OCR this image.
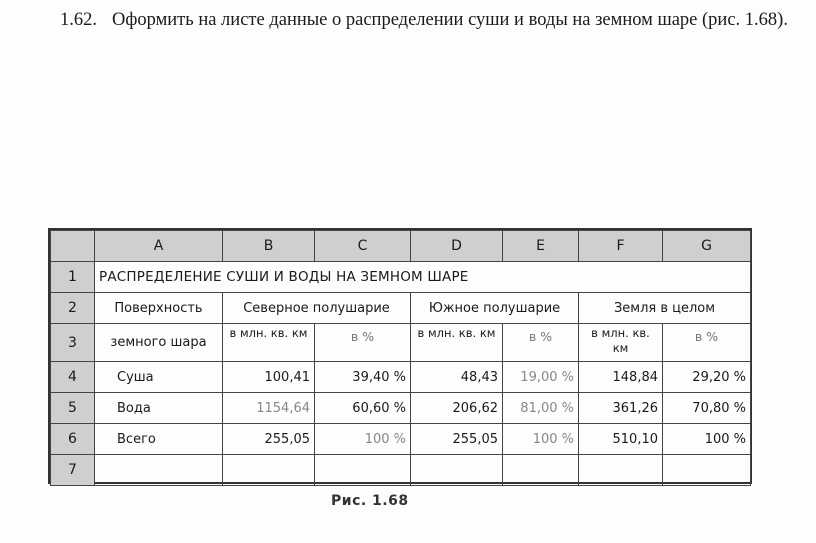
1.62. Оформить на листе данные о распределении суши и воды на земном шаре (рис. 1.68).
	A	B	C	D	E	F	G
1	РАСПРЕДЕЛЕНИЕ СУШИ И ВОДЫ НА ЗЕМНОМ ШАРЕ						
2	Поверхность	Северное полушарие		Южное полушарие		Земля в целом	
3	земного шара	в млн. кв. км	в %	в млн. кв. км	в %	в млн. кв. км	в %
4	Суша	100,41	39,40 %	48,43	19,00 %	148,84	29,20 %
5	Вода	1154,64	60,60 %	206,62	81,00 %	361,26	70,80 %
6	Всего	255,05	100 %	255,05	100 %	510,10	100 %
7							
Рис. 1.68
